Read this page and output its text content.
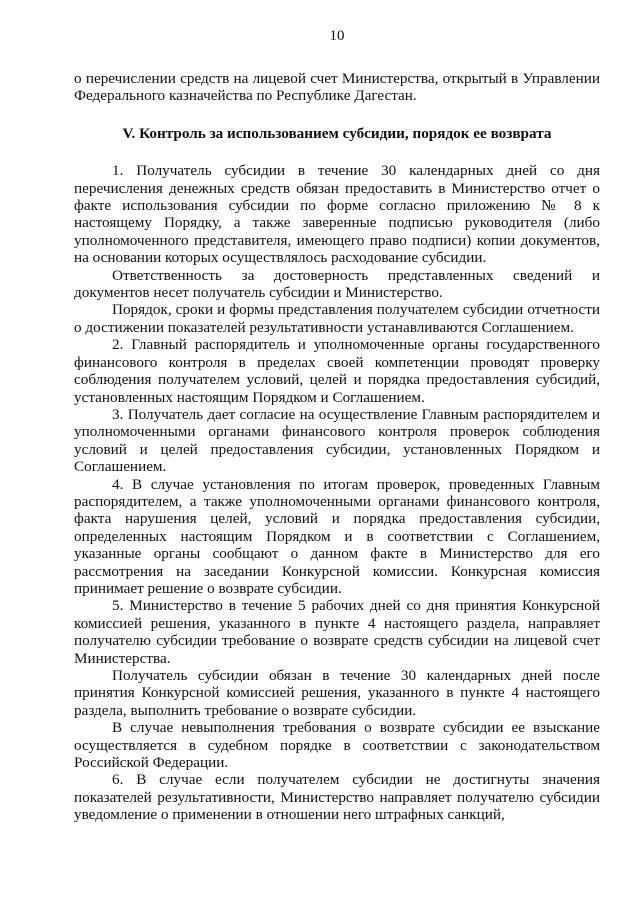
10

о перечислении средств на лицевой счет Министерства, открытый в Управлении Федерального казначейства по Республике Дагестан.

V. Контроль за использованием субсидии, порядок ее возврата

1. Получатель субсидии в течение 30 календарных дней со дня перечисления денежных средств обязан предоставить в Министерство отчет о факте использования субсидии по форме согласно приложению № 8 к настоящему Порядку, а также заверенные подписью руководителя (либо уполномоченного представителя, имеющего право подписи) копии документов, на основании которых осуществлялось расходование субсидии.

Ответственность за достоверность представленных сведений и документов несет получатель субсидии и Министерство.

Порядок, сроки и формы представления получателем субсидии отчетности о достижении показателей результативности устанавливаются Соглашением.

2. Главный распорядитель и уполномоченные органы государственного финансового контроля в пределах своей компетенции проводят проверку соблюдения получателем условий, целей и порядка предоставления субсидий, установленных настоящим Порядком и Соглашением.

3. Получатель дает согласие на осуществление Главным распорядителем и уполномоченными органами финансового контроля проверок соблюдения условий и целей предоставления субсидии, установленных Порядком и Соглашением.

4. В случае установления по итогам проверок, проведенных Главным распорядителем, а также уполномоченными органами финансового контроля, факта нарушения целей, условий и порядка предоставления субсидии, определенных настоящим Порядком и в соответствии с Соглашением, указанные органы сообщают о данном факте в Министерство для его рассмотрения на заседании Конкурсной комиссии. Конкурсная комиссия принимает решение о возврате субсидии.

5. Министерство в течение 5 рабочих дней со дня принятия Конкурсной комиссией решения, указанного в пункте 4 настоящего раздела, направляет получателю субсидии требование о возврате средств субсидии на лицевой счет Министерства.

Получатель субсидии обязан в течение 30 календарных дней после принятия Конкурсной комиссией решения, указанного в пункте 4 настоящего раздела, выполнить требование о возврате субсидии.

В случае невыполнения требования о возврате субсидии ее взыскание осуществляется в судебном порядке в соответствии с законодательством Российской Федерации.

6. В случае если получателем субсидии не достигнуты значения показателей результативности, Министерство направляет получателю субсидии уведомление о применении в отношении него штрафных санкций,
